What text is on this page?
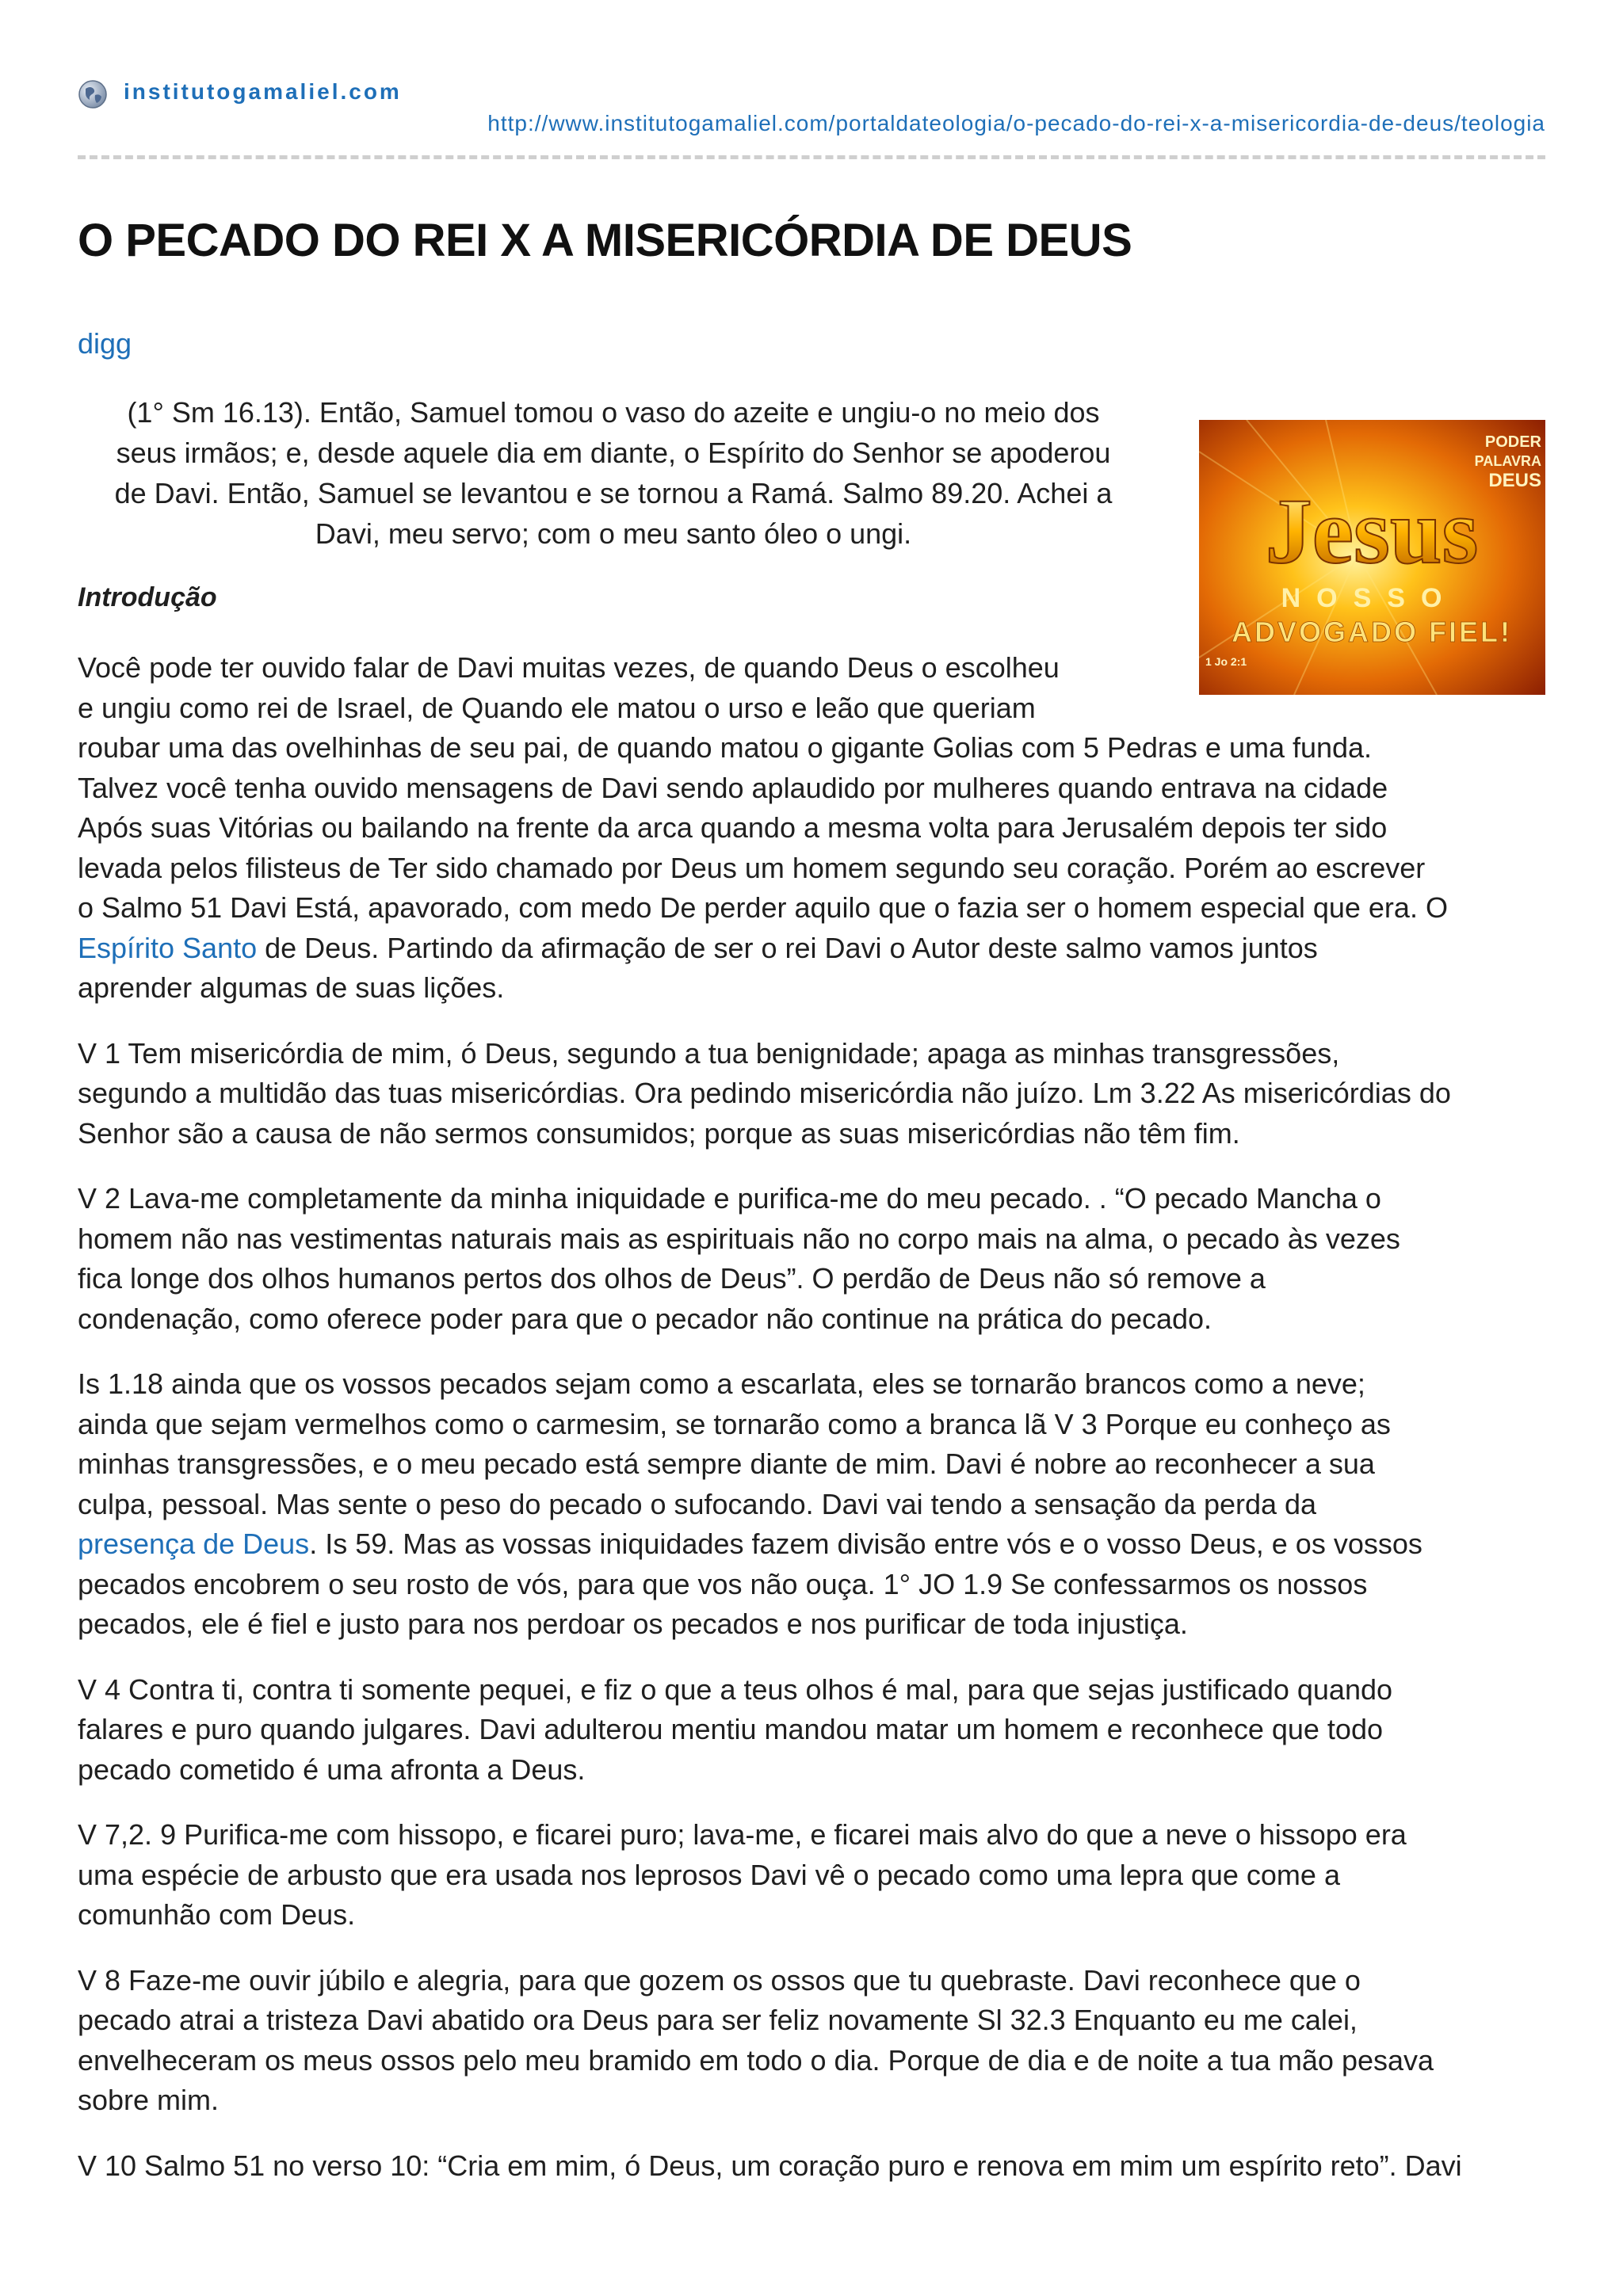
institutogamaliel.com
http://www.institutogamaliel.com/portaldateologia/o-pecado-do-rei-x-a-misericordia-de-deus/teologia
O PECADO DO REI X A MISERICÓRDIA DE DEUS
digg
Jesus
NOSSO
ADVOGADO FIEL!
1 Jo 2:1
PODER
PALAVRA
DEUS
(1° Sm 16.13). Então, Samuel tomou o vaso do azeite e ungiu-o no meio dos
seus irmãos; e, desde aquele dia em diante, o Espírito do Senhor se apoderou
de Davi. Então, Samuel se levantou e se tornou a Ramá. Salmo 89.20. Achei a
Davi, meu servo; com o meu santo óleo o ungi.
Introdução

Você pode ter ouvido falar de Davi muitas vezes, de quando Deus o escolheu
e ungiu como rei de Israel, de Quando ele matou o urso e leão que queriam
roubar uma das ovelhinhas de seu pai, de quando matou o gigante Golias com 5 Pedras e uma funda.
Talvez você tenha ouvido mensagens de Davi sendo aplaudido por mulheres quando entrava na cidade
Após suas Vitórias ou bailando na frente da arca quando a mesma volta para Jerusalém depois ter sido
levada pelos filisteus de Ter sido chamado por Deus um homem segundo seu coração. Porém ao escrever
o Salmo 51 Davi Está, apavorado, com medo De perder aquilo que o fazia ser o homem especial que era. O
Espírito Santo de Deus. Partindo da afirmação de ser o rei Davi o Autor deste salmo vamos juntos
aprender algumas de suas lições.

V 1 Tem misericórdia de mim, ó Deus, segundo a tua benignidade; apaga as minhas transgressões,
segundo a multidão das tuas misericórdias. Ora pedindo misericórdia não juízo. Lm 3.22 As misericórdias do
Senhor são a causa de não sermos consumidos; porque as suas misericórdias não têm fim.

V 2 Lava-me completamente da minha iniquidade e purifica-me do meu pecado. . “O pecado Mancha o
homem não nas vestimentas naturais mais as espirituais não no corpo mais na alma, o pecado às vezes
fica longe dos olhos humanos pertos dos olhos de Deus”. O perdão de Deus não só remove a
condenação, como oferece poder para que o pecador não continue na prática do pecado.

Is 1.18 ainda que os vossos pecados sejam como a escarlata, eles se tornarão brancos como a neve;
ainda que sejam vermelhos como o carmesim, se tornarão como a branca lã V 3 Porque eu conheço as
minhas transgressões, e o meu pecado está sempre diante de mim. Davi é nobre ao reconhecer a sua
culpa, pessoal. Mas sente o peso do pecado o sufocando. Davi vai tendo a sensação da perda da
presença de Deus. Is 59. Mas as vossas iniquidades fazem divisão entre vós e o vosso Deus, e os vossos
pecados encobrem o seu rosto de vós, para que vos não ouça. 1° JO 1.9 Se confessarmos os nossos
pecados, ele é fiel e justo para nos perdoar os pecados e nos purificar de toda injustiça.

V 4 Contra ti, contra ti somente pequei, e fiz o que a teus olhos é mal, para que sejas justificado quando
falares e puro quando julgares. Davi adulterou mentiu mandou matar um homem e reconhece que todo
pecado cometido é uma afronta a Deus.

V 7,2. 9 Purifica-me com hissopo, e ficarei puro; lava-me, e ficarei mais alvo do que a neve o hissopo era
uma espécie de arbusto que era usada nos leprosos Davi vê o pecado como uma lepra que come a
comunhão com Deus.

V 8 Faze-me ouvir júbilo e alegria, para que gozem os ossos que tu quebraste. Davi reconhece que o
pecado atrai a tristeza Davi abatido ora Deus para ser feliz novamente Sl 32.3 Enquanto eu me calei,
envelheceram os meus ossos pelo meu bramido em todo o dia. Porque de dia e de noite a tua mão pesava
sobre mim.

V 10 Salmo 51 no verso 10: “Cria em mim, ó Deus, um coração puro e renova em mim um espírito reto”. Davi
